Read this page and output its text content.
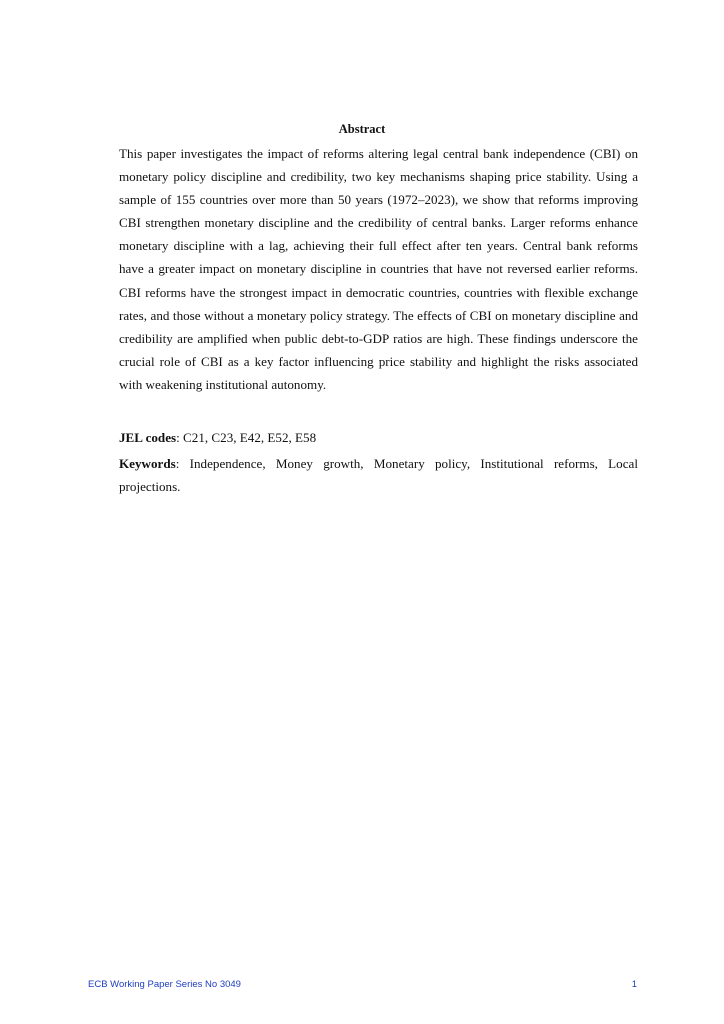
Abstract

This paper investigates the impact of reforms altering legal central bank independence (CBI) on monetary policy discipline and credibility, two key mechanisms shaping price stability. Using a sample of 155 countries over more than 50 years (1972–2023), we show that reforms improving CBI strengthen monetary discipline and the credibility of central banks. Larger reforms enhance monetary discipline with a lag, achieving their full effect after ten years. Central bank reforms have a greater impact on monetary discipline in countries that have not reversed earlier reforms. CBI reforms have the strongest impact in democratic countries, countries with flexible exchange rates, and those without a monetary policy strategy. The effects of CBI on monetary discipline and credibility are amplified when public debt-to-GDP ratios are high. These findings underscore the crucial role of CBI as a key factor influencing price stability and highlight the risks associated with weakening institutional autonomy.

JEL codes: C21, C23, E42, E52, E58

Keywords: Independence, Money growth, Monetary policy, Institutional reforms, Local projections.

ECB Working Paper Series No 3049	1
